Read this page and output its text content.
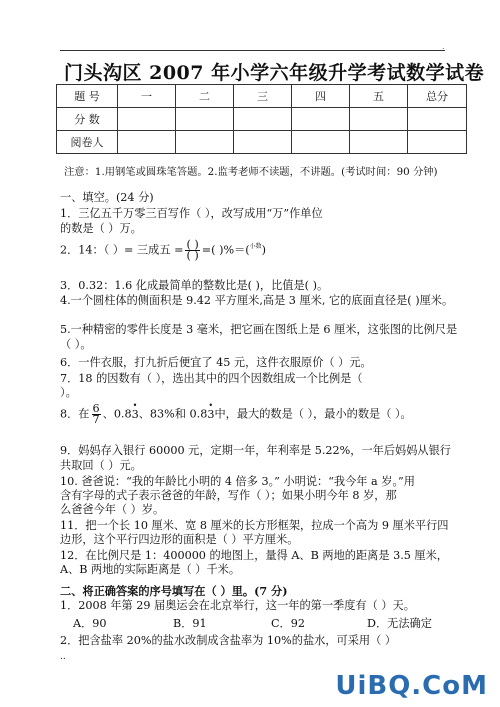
.
门头沟区 2007 年小学六年级升学考试数学试卷
题 号	一	二	三	四	五	总分
分 数						
阅卷人						
注意：1.用钢笔或圆珠笔答题。2.监考老师不读题，不讲题。(考试时间：90 分钟)
一、填空。(24 分)
1．三亿五千万零三百写作（ ），改写成用“万”作单位
的数是（ ）万。
2．14：（ ）= 三成五 = $\frac{( )}{( )}$ =( )%＝($^{小数}$)
3．0.32：1.6 化成最简单的整数比是( )，比值是( )。
4.一个圆柱体的侧面积是 9.42 平方厘米,高是 3 厘米, 它的底面直径是( )厘米。
5.一种精密的零件长度是 3 毫米，把它画在图纸上是 6 厘米，这张图的比例尺是
（ ）。
6．一件衣服，打九折后便宜了 45 元，这件衣服原价（ ）元。
7．18 的因数有（ ），选出其中的四个因数组成一个比例是（
）。
8．在 $\frac{6}{7}$ 、0.8• 3、83%和 0.8• 3中，最大的数是（ ），最小的数是（ ）。
9．妈妈存入银行 60000 元，定期一年，年利率是 5.22%，一年后妈妈从银行
共取回（ ）元。
10. 爸爸说：“我的年龄比小明的 4 倍多 3。” 小明说：“我今年 a 岁。”用
含有字母的式子表示爸爸的年龄，写作（ ）；如果小明今年 8 岁，那
么爸爸今年（ ）岁。
11．把一个长 10 厘米、宽 8 厘米的长方形框架，拉成一个高为 9 厘米平行四
边形，这个平行四边形的面积是（ ）平方厘米。
12．在比例尺是 1：400000 的地图上，量得 A、B 两地的距离是 3.5 厘米，
A、B 两地的实际距离是（ ）千米。
二、将正确答案的序号填写在（ ）里。(7 分)
1．2008 年第 29 届奥运会在北京举行，这一年的第一季度有（ ）天。
A．90	B．91	C．92	D．无法确定
2．把含盐率 20%的盐水改制成含盐率为 10%的盐水，可采用（ ）
..
UiBQ.CoM
